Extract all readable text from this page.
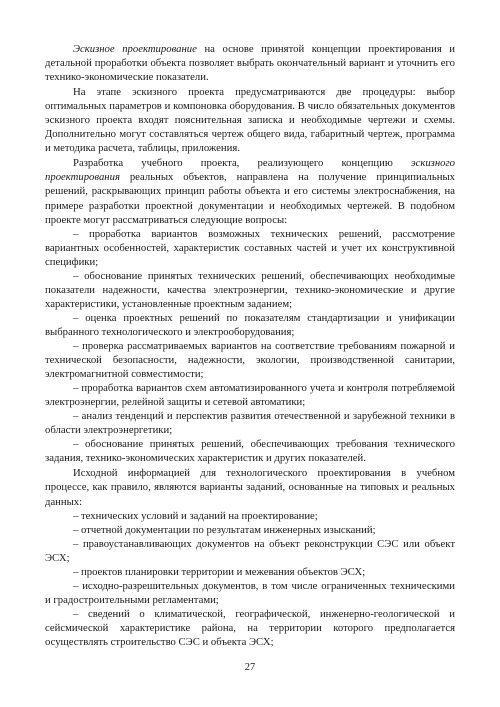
Эскизное проектирование на основе принятой концепции проектирования и детальной проработки объекта позволяет выбрать окончательный вариант и уточнить его технико-экономические показатели.

На этапе эскизного проекта предусматриваются две процедуры: выбор оптимальных параметров и компоновка оборудования. В число обязательных документов эскизного проекта входят пояснительная записка и необходимые чертежи и схемы. Дополнительно могут составляться чертеж общего вида, габаритный чертеж, программа и методика расчета, таблицы, приложения.

Разработка учебного проекта, реализующего концепцию эскизного проектирования реальных объектов, направлена на получение принципиальных решений, раскрывающих принцип работы объекта и его системы электроснабжения, на примере разработки проектной документации и необходимых чертежей. В подобном проекте могут рассматриваться следующие вопросы:

– проработка вариантов возможных технических решений, рассмотрение вариантных особенностей, характеристик составных частей и учет их конструктивной специфики;

– обоснование принятых технических решений, обеспечивающих необходимые показатели надежности, качества электроэнергии, технико-экономические и другие характеристики, установленные проектным заданием;

– оценка проектных решений по показателям стандартизации и унификации выбранного технологического и электрооборудования;

– проверка рассматриваемых вариантов на соответствие требованиям пожарной и технической безопасности, надежности, экологии, производственной санитарии, электромагнитной совместимости;

– проработка вариантов схем автоматизированного учета и контроля потребляемой электроэнергии, релейной защиты и сетевой автоматики;

– анализ тенденций и перспектив развития отечественной и зарубежной техники в области электроэнергетики;

– обоснование принятых решений, обеспечивающих требования технического задания, технико-экономических характеристик и других показателей.

Исходной информацией для технологического проектирования в учебном процессе, как правило, являются варианты заданий, основанные на типовых и реальных данных:

– технических условий и заданий на проектирование;

– отчетной документации по результатам инженерных изысканий;

– правоустанавливающих документов на объект реконструкции СЭС или объект ЭСХ;

– проектов планировки территории и межевания объектов ЭСХ;

– исходно-разрешительных документов, в том числе ограниченных техническими и градостроительными регламентами;

– сведений о климатической, географической, инженерно-геологической и сейсмической характеристике района, на территории которого предполагается осуществлять строительство СЭС и объекта ЭСХ;

27
